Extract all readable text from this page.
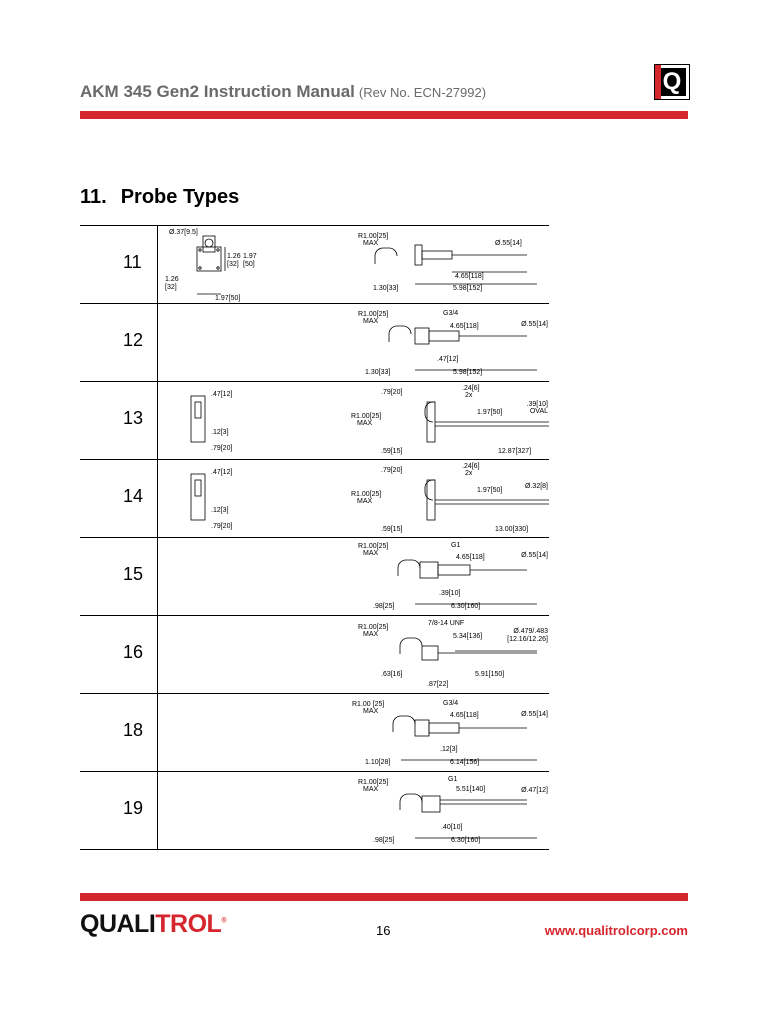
AKM 345 Gen2 Instruction Manual (Rev No. ECN-27992)	Q
11. Probe Types
11
Ø.37[9.5]
1.26
[32]
1.97
[50]
1.26
[32]
1.97[50]
R1.00[25]
MAX	Ø.55[14]
4.65[118]
1.30[33]	5.98[152]
12
R1.00[25]
MAX
G3/4
4.65[118]	Ø.55[14]
.47[12]
1.30[33]	5.98[152]
13
.47[12]
.12[3]
.79[20]
.79[20]
.24[6]
2x
R1.00[25]
MAX
1.97[50]
.39[10]
OVAL
.59[15]	12.87[327]
14
.47[12]
.12[3]
.79[20]
.79[20]
.24[6]
2x
R1.00[25]
MAX
1.97[50]
Ø.32[8]
.59[15]	13.00[330]
15
R1.00[25]
MAX
G1
4.65[118]	Ø.55[14]
.39[10]
.98[25]	6.30[160]
16
R1.00[25]
MAX
7/8-14 UNF
5.34[136]
Ø.479/.483
[12.16/12.26]
.63[16]	5.91[150]
.87[22]
18
R1.00 [25]
MAX
G3/4
4.65[118]	Ø.55[14]
.12[3]
1.10[28]	6.14[156]
19
R1.00[25]
MAX
G1
5.51[140]	Ø.47[12]
.40[10]
.98[25]	6.30[160]
QUALITROL®
16	www.qualitrolcorp.com
